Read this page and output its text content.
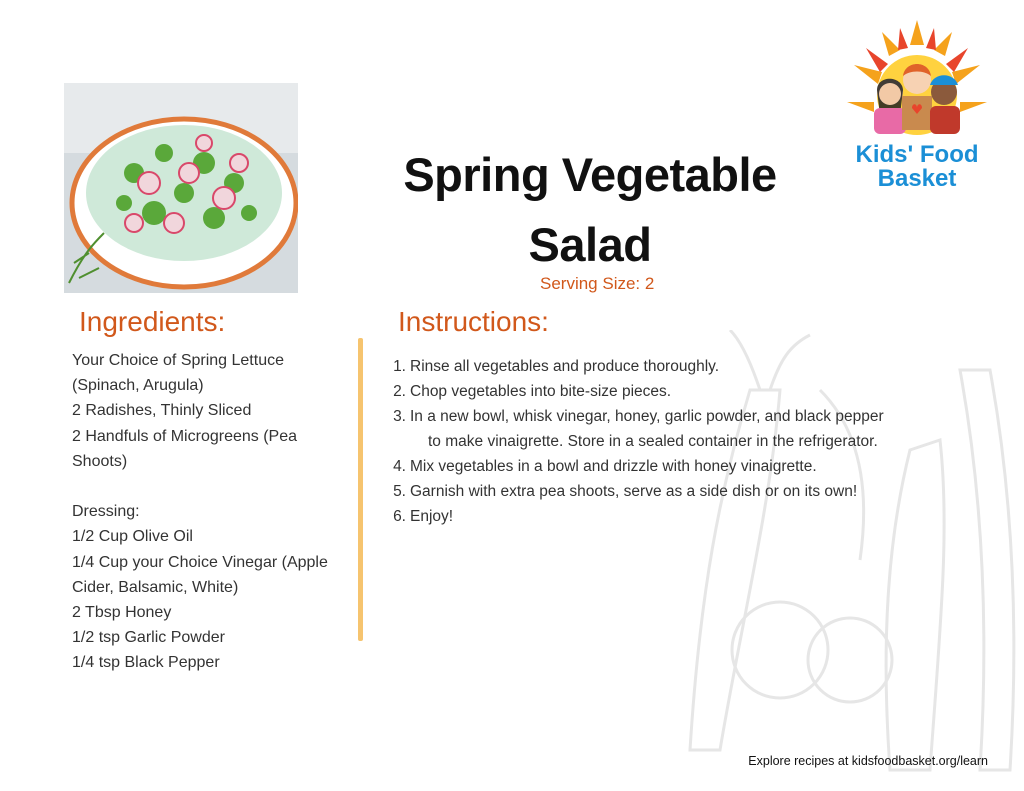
Kids' Food
Basket
Spring Vegetable
Salad
Serving Size: 2
Ingredients:	Instructions:
Your Choice of Spring Lettuce
(Spinach, Arugula)
2 Radishes, Thinly Sliced
2 Handfuls of Microgreens (Pea
Shoots)
Dressing:
1/2 Cup Olive Oil
1/4 Cup your Choice Vinegar (Apple
Cider, Balsamic, White)
2 Tbsp Honey
1/2 tsp Garlic Powder
1/4 tsp Black Pepper
1. Rinse all vegetables and produce thoroughly.
2. Chop vegetables into bite-size pieces.
3. In a new bowl, whisk vinegar, honey, garlic powder, and black pepper
to make vinaigrette. Store in a sealed container in the refrigerator.
4. Mix vegetables in a bowl and drizzle with honey vinaigrette.
5. Garnish with extra pea shoots, serve as a side dish or on its own!
6. Enjoy!
Explore recipes at kidsfoodbasket.org/learn
